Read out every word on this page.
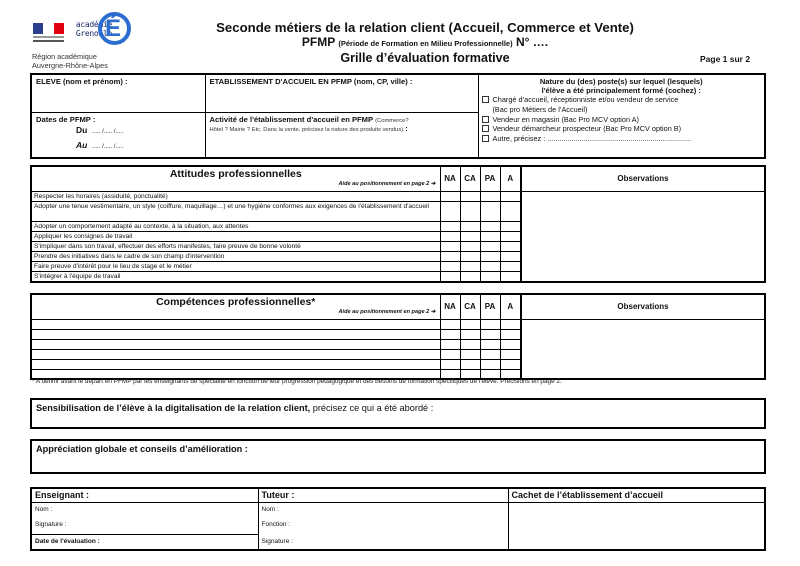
académie
Grenoble
É
Région académique
Auvergne-Rhône-Alpes
Seconde métiers de la relation client (Accueil, Commerce et Vente)
PFMP (Période de Formation en Milieu Professionnelle) N° ….
Grille d’évaluation formative	Page 1 sur 2
ELEVE (nom et prénom) :	ETABLISSEMENT D'ACCUEIL EN PFMP (nom, CP, ville) :	Nature du (des) poste(s) sur lequel (lesquels)
l'élève a été principalement formé (cochez) :
Chargé d’accueil, réceptionniste et/ou vendeur de service
(Bac pro Métiers de l’Accueil)
Vendeur en magasin (Bac Pro MCV option A)
Vendeur démarcheur prospecteur (Bac Pro MCV option B)
Autre, précisez : .......................................................................

Dates de PFMP :
Du ..... /..... /.....
Au ..... /..... /.....

Activité de l'établissement d'accueil en PFMP (Commerce?
Hôtel ? Mairie ? Etc. Dans la vente, précisez la nature des produits vendus) :
Attitudes professionnelles
Aide au positionnement en page 2 ➔	NA	CA	PA	A	Observations
Respecter les horaires (assiduité, ponctualité)					
Adopter une tenue vestimentaire, un style (coiffure, maquillage…) et une hygiène conformes aux exigences de l'établissement d'accueil					
Adopter un comportement adapté au contexte, à la situation, aux attentes					
Appliquer les consignes de travail					
S'impliquer dans son travail, effectuer des efforts manifestes, faire preuve de bonne volonté					
Prendre des initiatives dans le cadre de son champ d'intervention					
Faire preuve d'intérêt pour le lieu de stage et le métier					
S'intégrer à l'équipe de travail					
Compétences professionnelles*
Aide au positionnement en page 2 ➔	NA	CA	PA	A	Observations

* A définir avant le départ en PFMP par les enseignants de spécialité en fonction de leur progression pédagogique et des besoins de formation spécifiques de l'élève. Précisions en page 2.
Sensibilisation de l’élève à la digitalisation de la relation client, précisez ce qui a été abordé :
Appréciation globale et conseils d’amélioration :
Enseignant :	Tuteur :	Cachet de l’établissement d’accueil
Nom :	Nom :	
Signature :	Fonction :	
Date de l'évaluation :	Signature :	
